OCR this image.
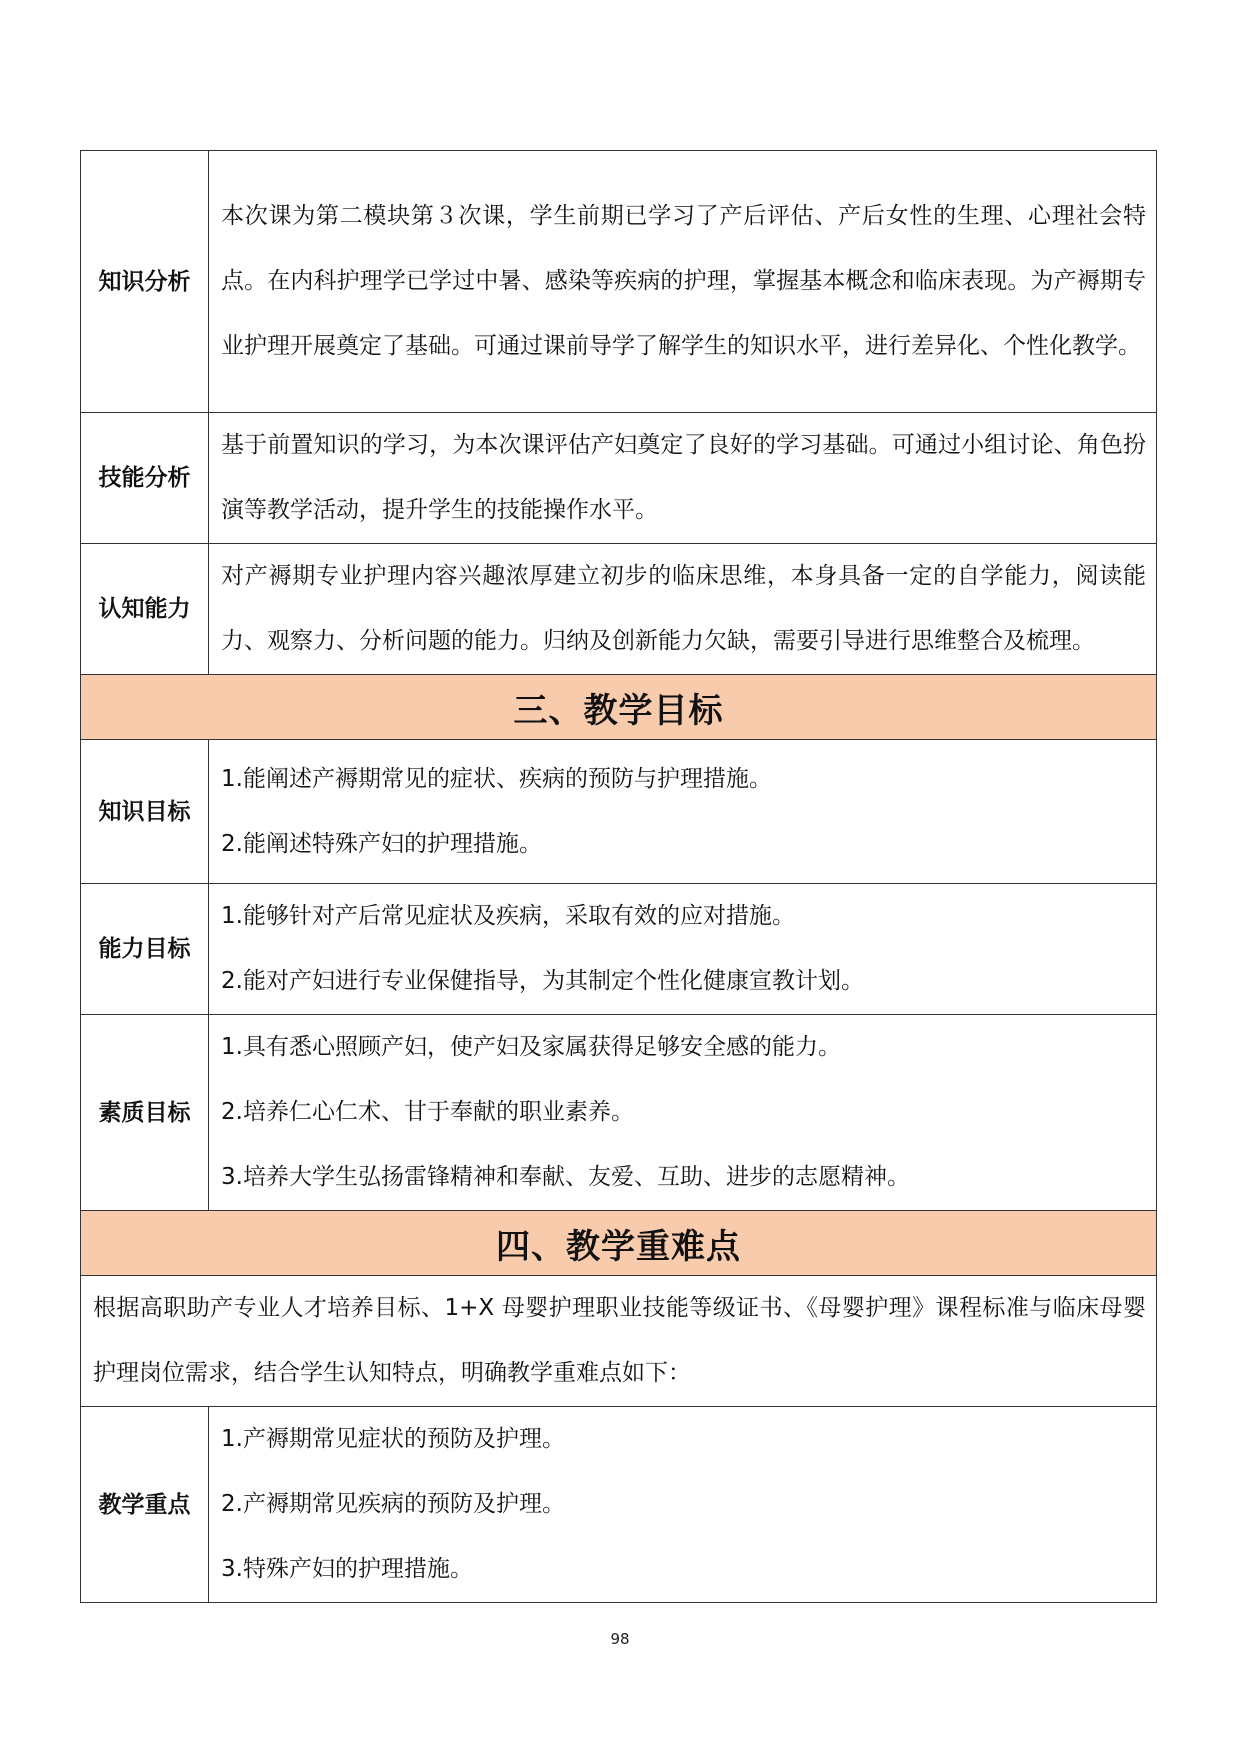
知识分析	本次课为第二模块第３次课，学生前期已学习了产后评估、产后女性的生理、心理社会特点。在内科护理学已学过中暑、感染等疾病的护理，掌握基本概念和临床表现。为产褥期专业护理开展奠定了基础。可通过课前导学了解学生的知识水平，进行差异化、个性化教学。

技能分析	基于前置知识的学习，为本次课评估产妇奠定了良好的学习基础。可通过小组讨论、角色扮演等教学活动，提升学生的技能操作水平。

认知能力	对产褥期专业护理内容兴趣浓厚建立初步的临床思维，本身具备一定的自学能力，阅读能力、观察力、分析问题的能力。归纳及创新能力欠缺，需要引导进行思维整合及梳理。

三、教学目标	
知识目标	1.能阐述产褥期常见的症状、疾病的预防与护理措施。

2.能阐述特殊产妇的护理措施。

能力目标	1.能够针对产后常见症状及疾病，采取有效的应对措施。

2.能对产妇进行专业保健指导，为其制定个性化健康宣教计划。

素质目标	1.具有悉心照顾产妇，使产妇及家属获得足够安全感的能力。

2.培养仁心仁术、甘于奉献的职业素养。

3.培养大学生弘扬雷锋精神和奉献、友爱、互助、进步的志愿精神。

四、教学重难点	

根据高职助产专业人才培养目标、1+X 母婴护理职业技能等级证书、《母婴护理》课程标准与临床母婴护理岗位需求，结合学生认知特点，明确教学重难点如下：	

教学重点	1.产褥期常见症状的预防及护理。

2.产褥期常见疾病的预防及护理。

3.特殊产妇的护理措施。

98
